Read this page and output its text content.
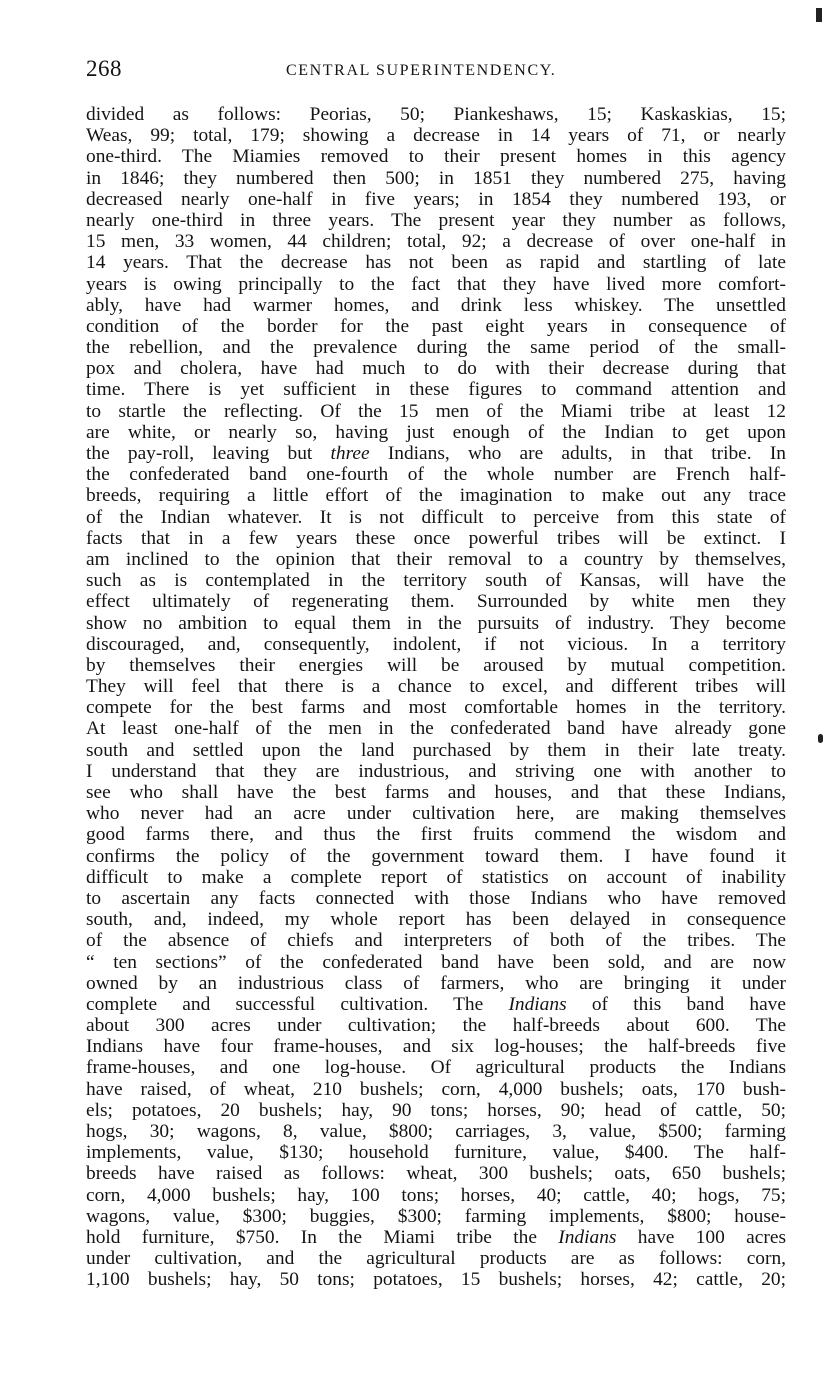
268	CENTRAL SUPERINTENDENCY.
divided as follows: Peorias, 50; Piankeshaws, 15; Kaskaskias, 15;
Weas, 99; total, 179; showing a decrease in 14 years of 71, or nearly
one-third. The Miamies removed to their present homes in this agency
in 1846; they numbered then 500; in 1851 they numbered 275, having
decreased nearly one-half in five years; in 1854 they numbered 193, or
nearly one-third in three years. The present year they number as follows,
15 men, 33 women, 44 children; total, 92; a decrease of over one-half in
14 years. That the decrease has not been as rapid and startling of late
years is owing principally to the fact that they have lived more comfort-
ably, have had warmer homes, and drink less whiskey. The unsettled
condition of the border for the past eight years in consequence of
the rebellion, and the prevalence during the same period of the small-
pox and cholera, have had much to do with their decrease during that
time. There is yet sufficient in these figures to command attention and
to startle the reflecting. Of the 15 men of the Miami tribe at least 12
are white, or nearly so, having just enough of the Indian to get upon
the pay-roll, leaving but three Indians, who are adults, in that tribe. In
the confederated band one-fourth of the whole number are French half-
breeds, requiring a little effort of the imagination to make out any trace
of the Indian whatever. It is not difficult to perceive from this state of
facts that in a few years these once powerful tribes will be extinct. I
am inclined to the opinion that their removal to a country by themselves,
such as is contemplated in the territory south of Kansas, will have the
effect ultimately of regenerating them. Surrounded by white men they
show no ambition to equal them in the pursuits of industry. They become
discouraged, and, consequently, indolent, if not vicious. In a territory
by themselves their energies will be aroused by mutual competition.
They will feel that there is a chance to excel, and different tribes will
compete for the best farms and most comfortable homes in the territory.
At least one-half of the men in the confederated band have already gone
south and settled upon the land purchased by them in their late treaty.
I understand that they are industrious, and striving one with another to
see who shall have the best farms and houses, and that these Indians,
who never had an acre under cultivation here, are making themselves
good farms there, and thus the first fruits commend the wisdom and
confirms the policy of the government toward them. I have found it
difficult to make a complete report of statistics on account of inability
to ascertain any facts connected with those Indians who have removed
south, and, indeed, my whole report has been delayed in consequence
of the absence of chiefs and interpreters of both of the tribes. The
“ ten sections” of the confederated band have been sold, and are now
owned by an industrious class of farmers, who are bringing it under
complete and successful cultivation. The Indians of this band have
about 300 acres under cultivation; the half-breeds about 600. The
Indians have four frame-houses, and six log-houses; the half-breeds five
frame-houses, and one log-house. Of agricultural products the Indians
have raised, of wheat, 210 bushels; corn, 4,000 bushels; oats, 170 bush-
els; potatoes, 20 bushels; hay, 90 tons; horses, 90; head of cattle, 50;
hogs, 30; wagons, 8, value, $800; carriages, 3, value, $500; farming
implements, value, $130; household furniture, value, $400. The half-
breeds have raised as follows: wheat, 300 bushels; oats, 650 bushels;
corn, 4,000 bushels; hay, 100 tons; horses, 40; cattle, 40; hogs, 75;
wagons, value, $300; buggies, $300; farming implements, $800; house-
hold furniture, $750. In the Miami tribe the Indians have 100 acres
under cultivation, and the agricultural products are as follows: corn,
1,100 bushels; hay, 50 tons; potatoes, 15 bushels; horses, 42; cattle, 20;
